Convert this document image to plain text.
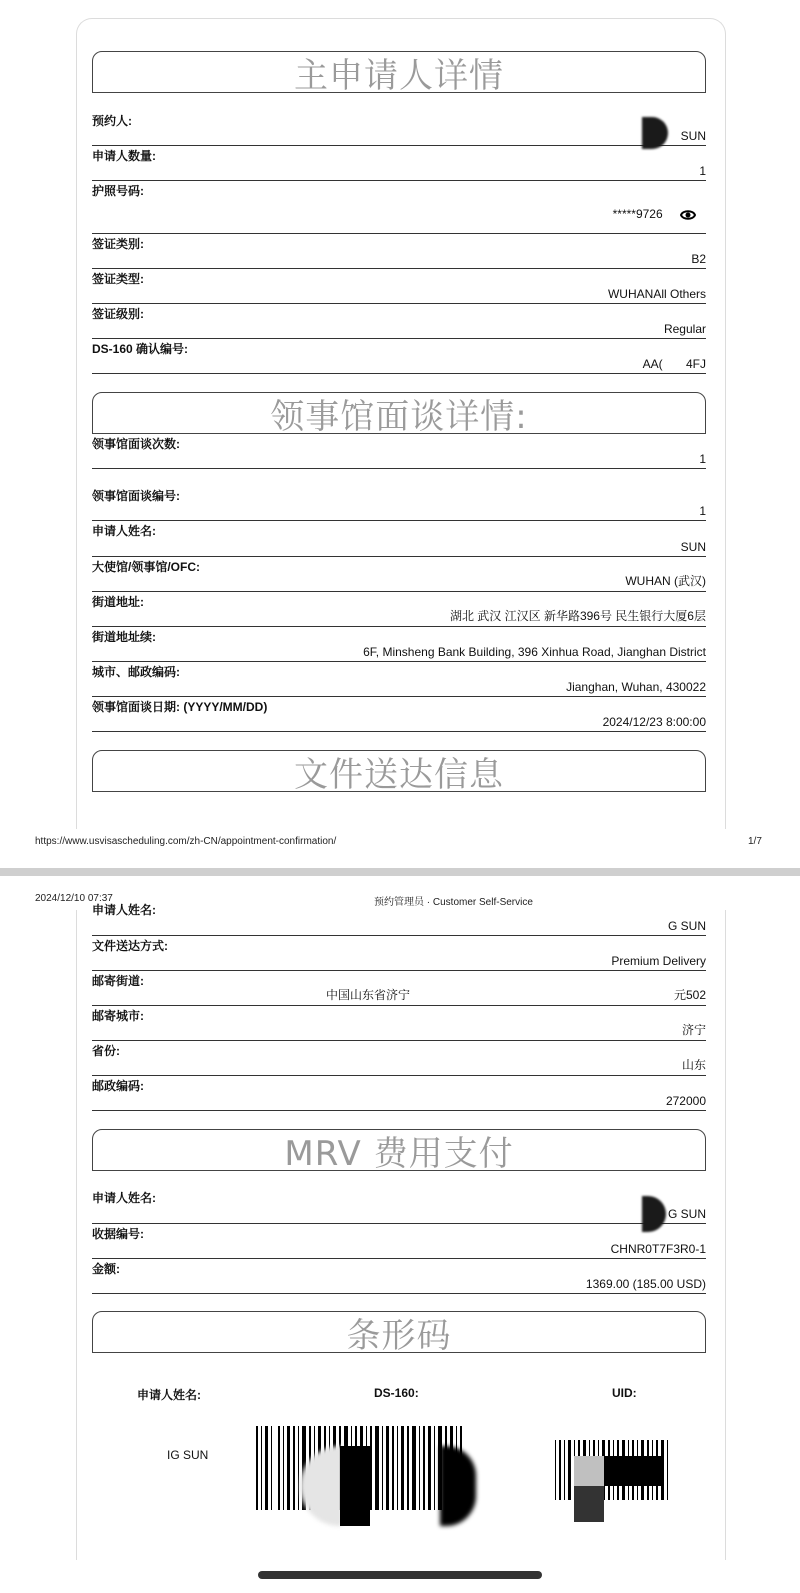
主申请人详情
预约人:
SUN
申请人数量:
1
护照号码:
*****9726
签证类别:
B2
签证类型:
WUHANAll Others
签证级别:
Regular
DS-160 确认编号:
AA(       4FJ
领事馆面谈详情:
领事馆面谈次数:
1
领事馆面谈编号:
1
申请人姓名:
SUN
大使馆/领事馆/OFC:
WUHAN (武汉)
街道地址:
湖北 武汉 江汉区 新华路396号 民生银行大厦6层
街道地址续:
6F, Minsheng Bank Building, 396 Xinhua Road, Jianghan District
城市、邮政编码:
Jianghan, Wuhan, 430022
领事馆面谈日期: (YYYY/MM/DD)
2024/12/23 8:00:00
文件送达信息
https://www.usvisascheduling.com/zh-CN/appointment-confirmation/	1/7
2024/12/10 07:37	预约管理员 · Customer Self-Service
申请人姓名:
G SUN
文件送达方式:
Premium Delivery
邮寄街道:
中国山东省济宁	元502
邮寄城市:
济宁
省份:
山东
邮政编码:
272000
MRV 费用支付
申请人姓名:
G SUN
收据编号:
CHNR0T7F3R0-1
金额:
1369.00 (185.00 USD)
条形码
申请人姓名:	DS-160:	UID:
IG SUN
